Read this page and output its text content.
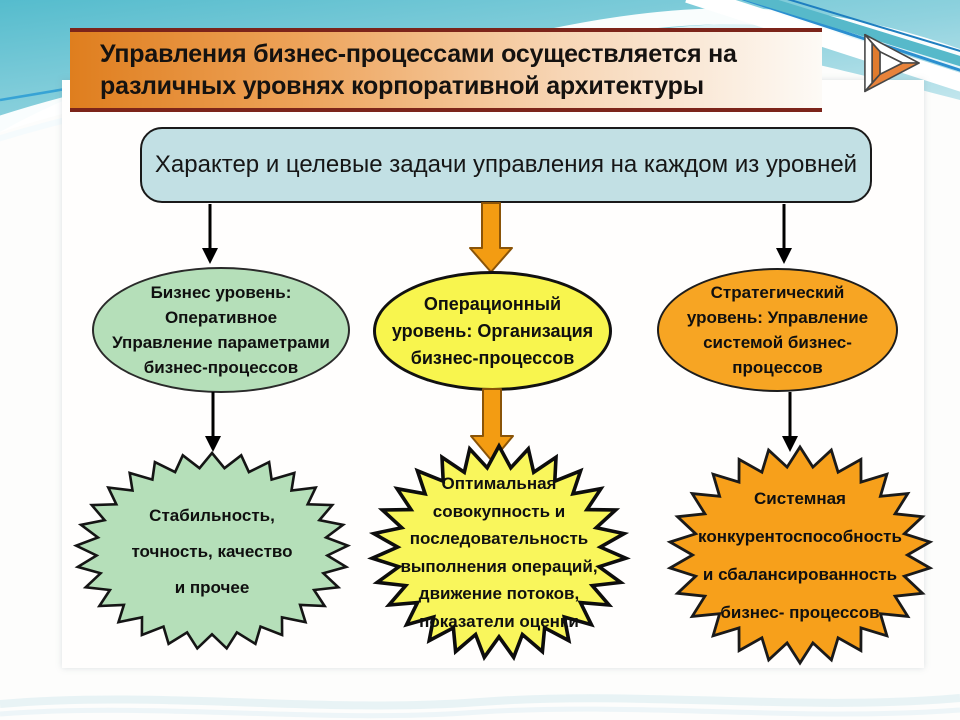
Управления бизнес-процессами осуществляется на
различных уровнях корпоративной архитектуры
Характер и целевые задачи управления на каждом из уровней
Бизнес уровень:
Оперативное
Управление параметрами
бизнес-процессов
Операционный
уровень: Организация
бизнес-процессов
Стратегический
уровень: Управление
системой бизнес-
процессов
Стабильность,
точность, качество
и прочее
Оптимальная
совокупность и
последовательность
выполнения операций,
движение потоков,
показатели оценки
Системная
конкурентоспособность
и сбалансированность
бизнес- процессов
